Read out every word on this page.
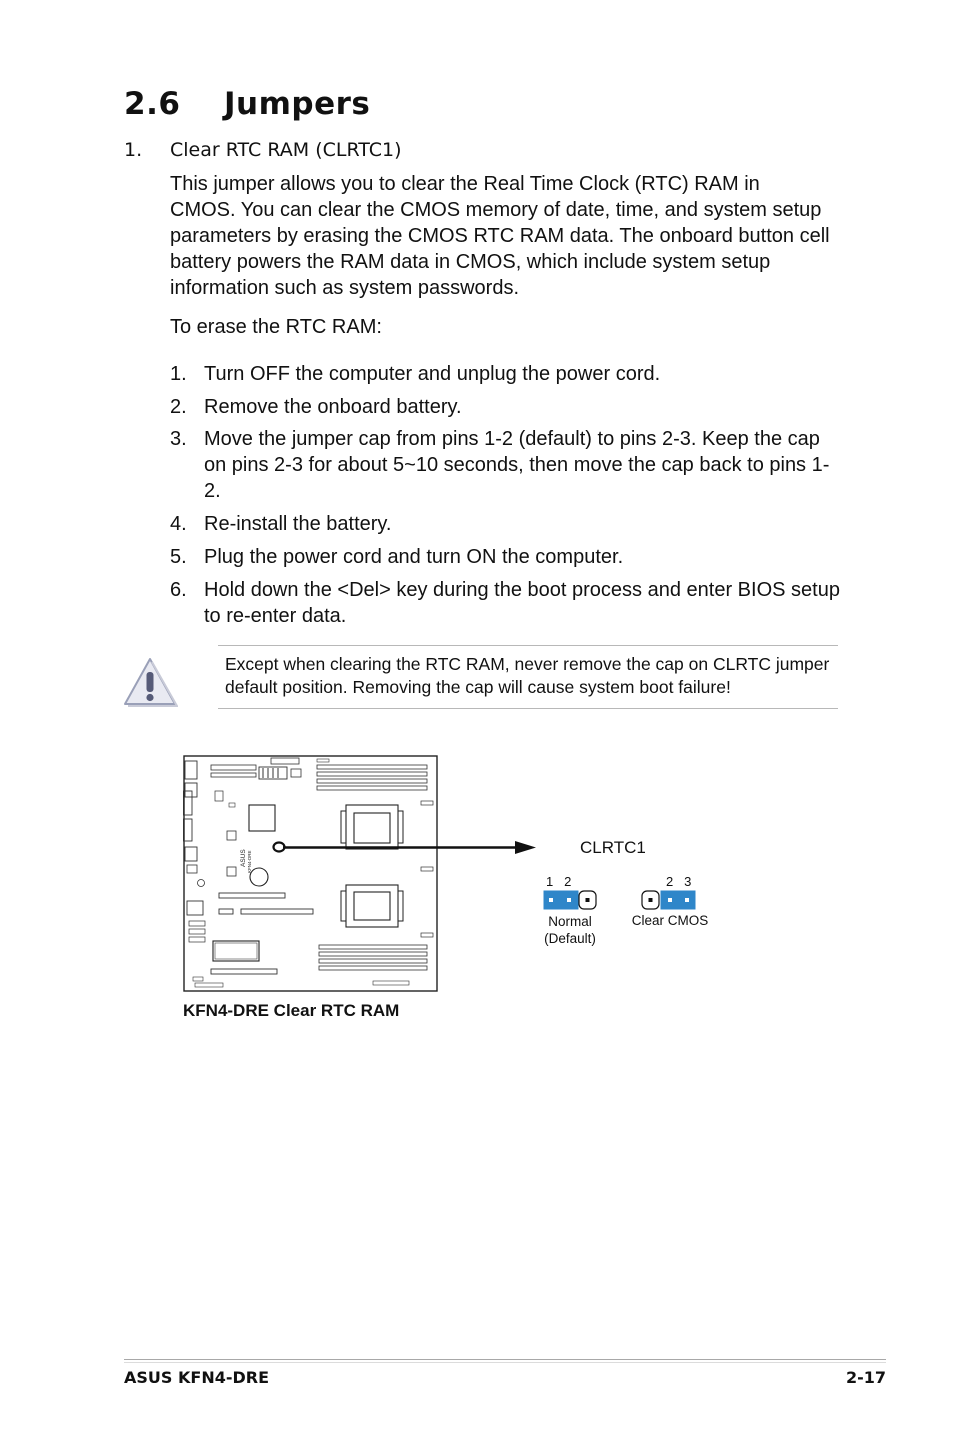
2.6 Jumpers
1. Clear RTC RAM (CLRTC1)
This jumper allows you to clear the Real Time Clock (RTC) RAM in CMOS. You can clear the CMOS memory of date, time, and system setup parameters by erasing the CMOS RTC RAM data. The onboard button cell battery powers the RAM data in CMOS, which include system setup information such as system passwords.
To erase the RTC RAM:
1. Turn OFF the computer and unplug the power cord.
2. Remove the onboard battery.
3. Move the jumper cap from pins 1-2 (default) to pins 2-3. Keep the cap on pins 2-3 for about 5~10 seconds, then move the cap back to pins 1-2.
4. Re-install the battery.
5. Plug the power cord and turn ON the computer.
6. Hold down the <Del> key during the boot process and enter BIOS setup to re-enter data.
Except when clearing the RTC RAM, never remove the cap on CLRTC jumper default position. Removing the cap will cause system boot failure!
ASUS KFN4-DRE
CLRTC1
1   2
Normal
(Default)
2   3
Clear CMOS
KFN4-DRE Clear RTC RAM
ASUS KFN4-DRE	2-17
